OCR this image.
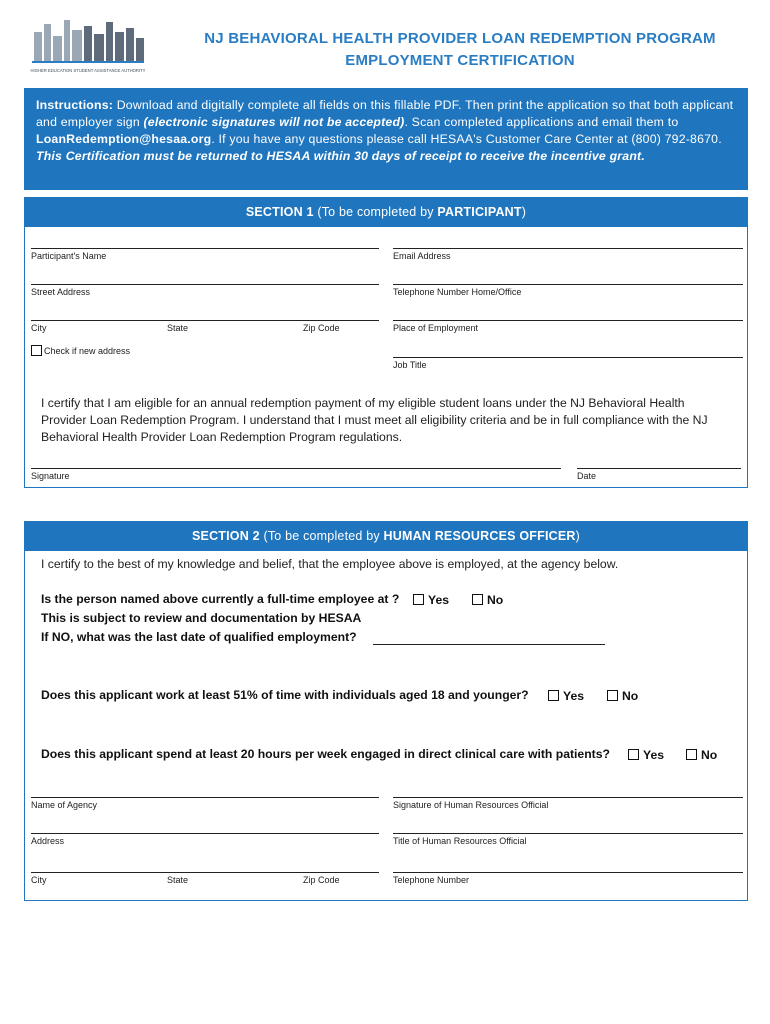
HIGHER EDUCATION STUDENT ASSISTANCE AUTHORITY
NJ BEHAVIORAL HEALTH PROVIDER LOAN REDEMPTION PROGRAM
EMPLOYMENT CERTIFICATION
Instructions: Download and digitally complete all fields on this fillable PDF. Then print the application so that both applicant and employer sign (electronic signatures will not be accepted). Scan completed applications and email them to LoanRedemption@hesaa.org. If you have any questions please call HESAA's Customer Care Center at (800) 792-8670.
This Certification must be returned to HESAA within 30 days of receipt to receive the incentive grant.
SECTION 1 (To be completed by PARTICIPANT)
Participant's Name	Email Address
Street Address	Telephone Number Home/Office
City	State	Zip Code	Place of Employment
Check if new address
Job Title
I certify that I am eligible for an annual redemption payment of my eligible student loans under the NJ Behavioral Health Provider Loan Redemption Program. I understand that I must meet all eligibility criteria and be in full compliance with the NJ Behavioral Health Provider Loan Redemption Program regulations.
Signature	Date
SECTION 2 (To be completed by HUMAN RESOURCES OFFICER)
I certify to the best of my knowledge and belief, that the employee above is employed, at the agency below.
Is the person named above currently a full-time employee at ? Yes	No
This is subject to review and documentation by HESAA
If NO, what was the last date of qualified employment?
Does this applicant work at least 51% of time with individuals aged 18 and younger?	Yes	No
Does this applicant spend at least 20 hours per week engaged in direct clinical care with patients?	Yes	No
Name of Agency	Signature of Human Resources Official
Address	Title of Human Resources Official
City	State	Zip Code	Telephone Number
